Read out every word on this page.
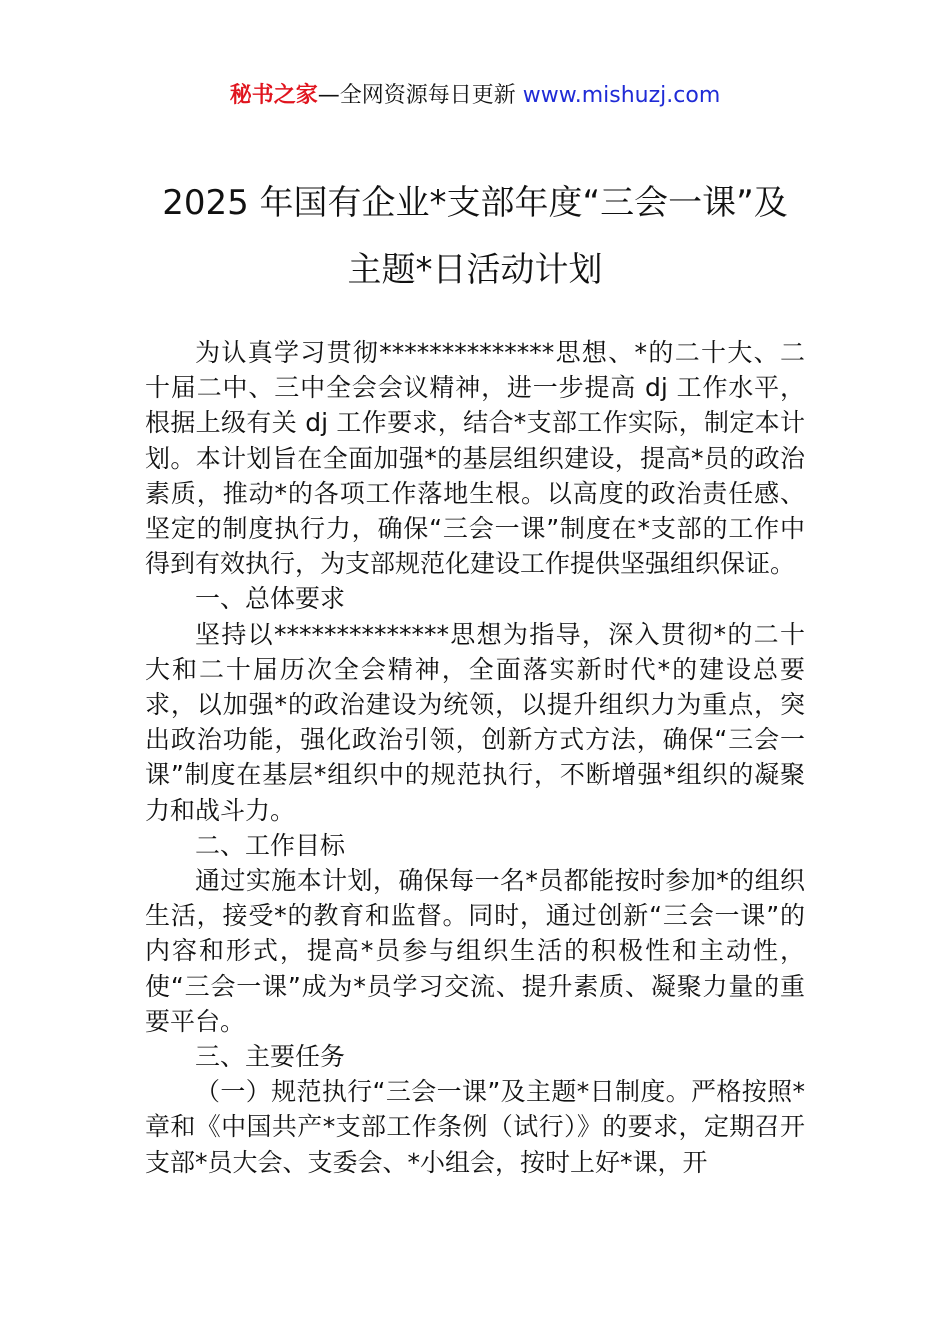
秘书之家—全网资源每日更新 www.mishuzj.com
2025 年国有企业*支部年度“三会一课”及
主题*日活动计划

为认真学习贯彻**************思想、*的二十大、二十届二中、三中全会会议精神，进一步提高 dj 工作水平，根据上级有关 dj 工作要求，结合*支部工作实际，制定本计划。本计划旨在全面加强*的基层组织建设，提高*员的政治素质，推动*的各项工作落地生根。以高度的政治责任感、坚定的制度执行力，确保“三会一课”制度在*支部的工作中得到有效执行，为支部规范化建设工作提供坚强组织保证。

一、总体要求

坚持以**************思想为指导，深入贯彻*的二十大和二十届历次全会精神，全面落实新时代*的建设总要求，以加强*的政治建设为统领，以提升组织力为重点，突出政治功能，强化政治引领，创新方式方法，确保“三会一课”制度在基层*组织中的规范执行，不断增强*组织的凝聚力和战斗力。

二、工作目标

通过实施本计划，确保每一名*员都能按时参加*的组织生活，接受*的教育和监督。同时，通过创新“三会一课”的内容和形式，提高*员参与组织生活的积极性和主动性，使“三会一课”成为*员学习交流、提升素质、凝聚力量的重要平台。

三、主要任务

（一）规范执行“三会一课”及主题*日制度。严格按照*章和《中国共产*支部工作条例（试行）》的要求，定期召开支部*员大会、支委会、*小组会，按时上好*课，开
